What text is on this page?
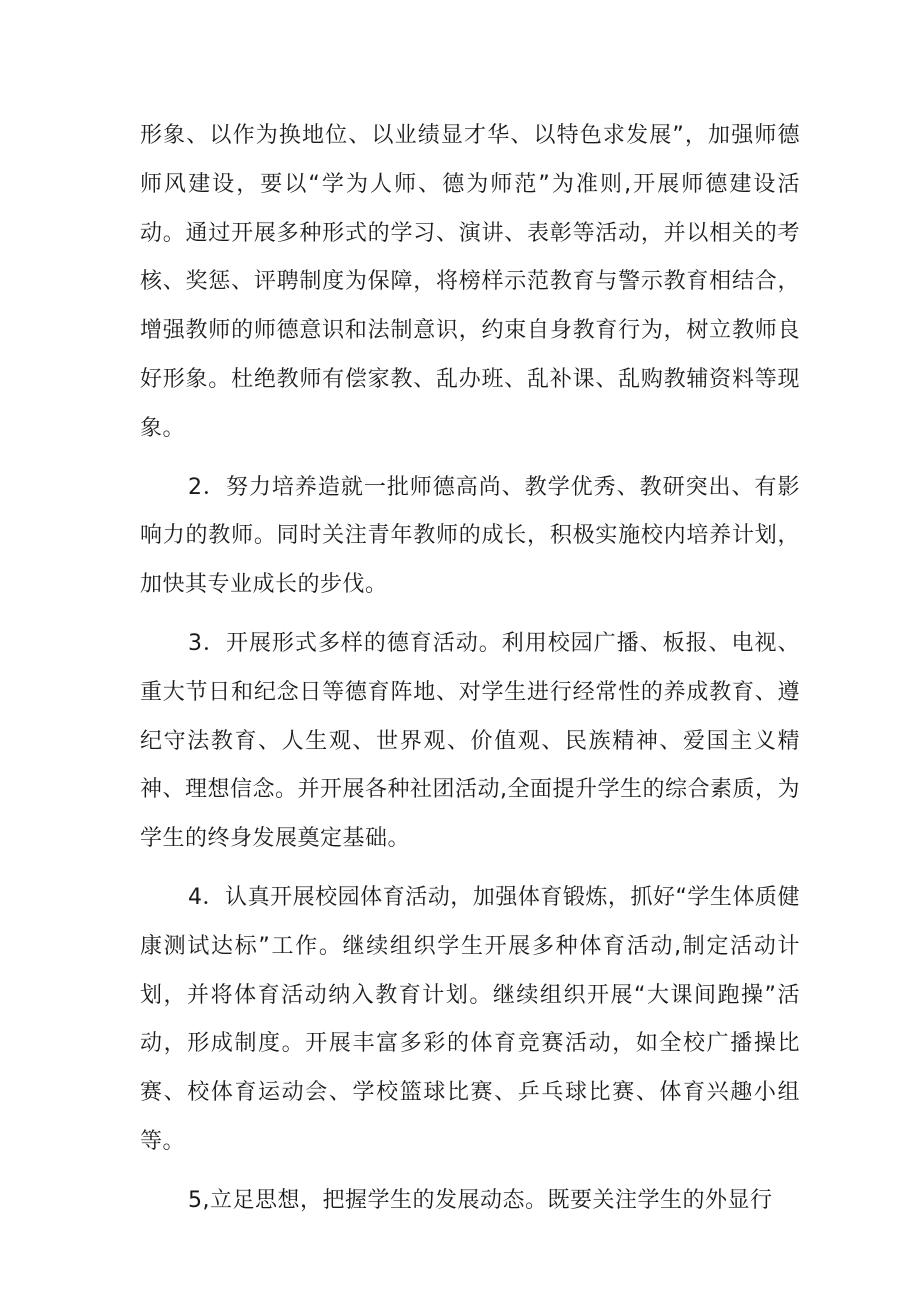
形象、以作为换地位、以业绩显才华、以特色求发展”，加强师德师风建设，要以“学为人师、德为师范”为准则,开展师德建设活动。通过开展多种形式的学习、演讲、表彰等活动，并以相关的考核、奖惩、评聘制度为保障，将榜样示范教育与警示教育相结合，增强教师的师德意识和法制意识，约束自身教育行为，树立教师良好形象。杜绝教师有偿家教、乱办班、乱补课、乱购教辅资料等现象。

2．努力培养造就一批师德高尚、教学优秀、教研突出、有影响力的教师。同时关注青年教师的成长，积极实施校内培养计划，加快其专业成长的步伐。

3．开展形式多样的德育活动。利用校园广播、板报、电视、重大节日和纪念日等德育阵地、对学生进行经常性的养成教育、遵纪守法教育、人生观、世界观、价值观、民族精神、爱国主义精神、理想信念。并开展各种社团活动,全面提升学生的综合素质，为学生的终身发展奠定基础。

4．认真开展校园体育活动，加强体育锻炼，抓好“学生体质健康测试达标”工作。继续组织学生开展多种体育活动,制定活动计划，并将体育活动纳入教育计划。继续组织开展“大课间跑操”活动，形成制度。开展丰富多彩的体育竞赛活动，如全校广播操比赛、校体育运动会、学校篮球比赛、乒乓球比赛、体育兴趣小组等。

5,立足思想，把握学生的发展动态。既要关注学生的外显行
